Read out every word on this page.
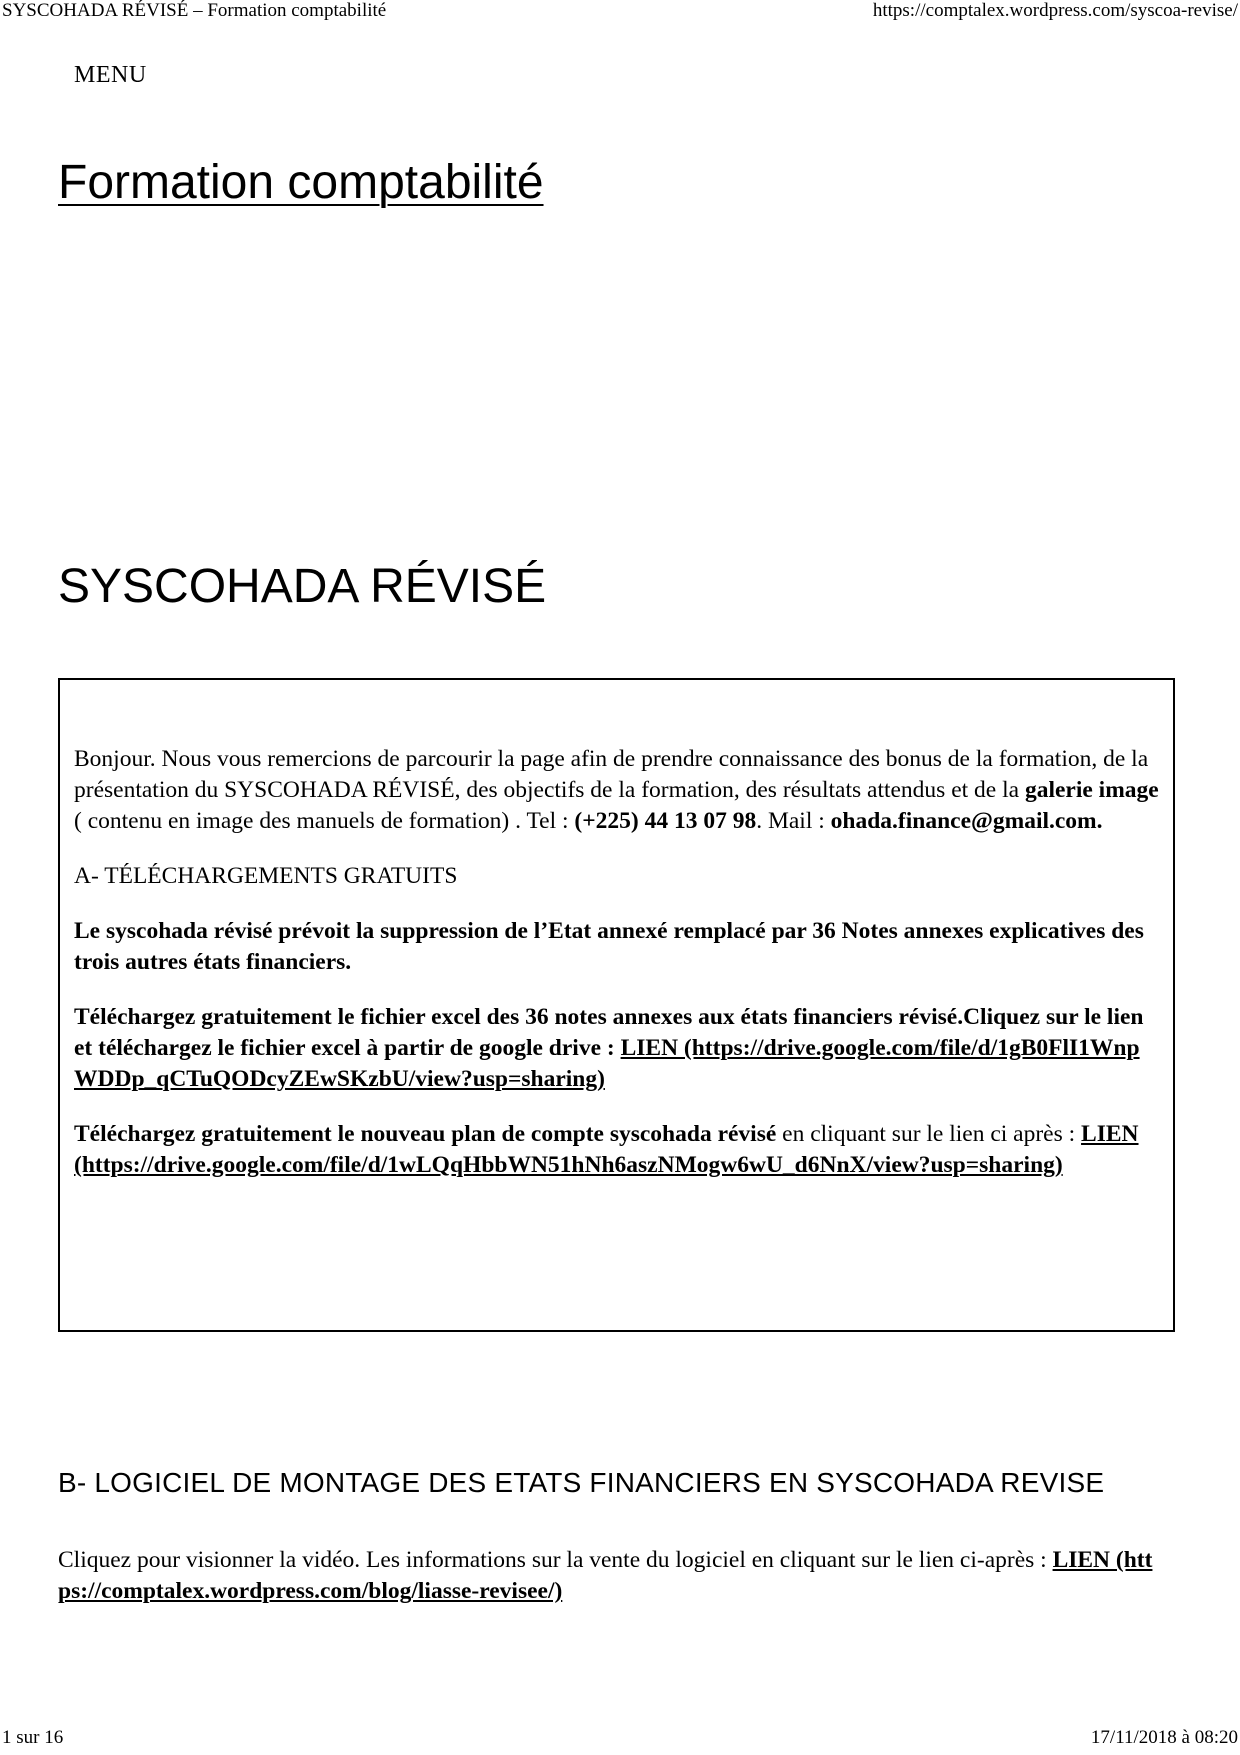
SYSCOHADA RÉVISÉ – Formation comptabilité	https://comptalex.wordpress.com/syscoa-revise/
MENU
Formation comptabilité
SYSCOHADA RÉVISÉ

Bonjour. Nous vous remercions de parcourir la page afin de prendre connaissance des bonus de la formation, de la présentation du SYSCOHADA RÉVISÉ, des objectifs de la formation, des résultats attendus et de la galerie image ( contenu en image des manuels de formation) . Tel : (+225) 44 13 07 98. Mail : ohada.finance@gmail.com.

A- TÉLÉCHARGEMENTS GRATUITS

Le syscohada révisé prévoit la suppression de l’Etat annexé remplacé par 36 Notes annexes explicatives des trois autres états financiers.

Téléchargez gratuitement le fichier excel des 36 notes annexes aux états financiers révisé.Cliquez sur le lien et téléchargez le fichier excel à partir de google drive : LIEN (https://drive.google.com/file/d/1gB0FlI1WnpWDDp_qCTuQODcyZEwSKzbU/view?usp=sharing)

Téléchargez gratuitement le nouveau plan de compte syscohada révisé en cliquant sur le lien ci après : LIEN (https://drive.google.com/file/d/1wLQqHbbWN51hNh6aszNMogw6wU_d6NnX/view?usp=sharing)

B- LOGICIEL DE MONTAGE DES ETATS FINANCIERS EN SYSCOHADA REVISE

Cliquez pour visionner la vidéo. Les informations sur la vente du logiciel en cliquant sur le lien ci-après : LIEN (https://comptalex.wordpress.com/blog/liasse-revisee/)

1 sur 16	17/11/2018 à 08:20
